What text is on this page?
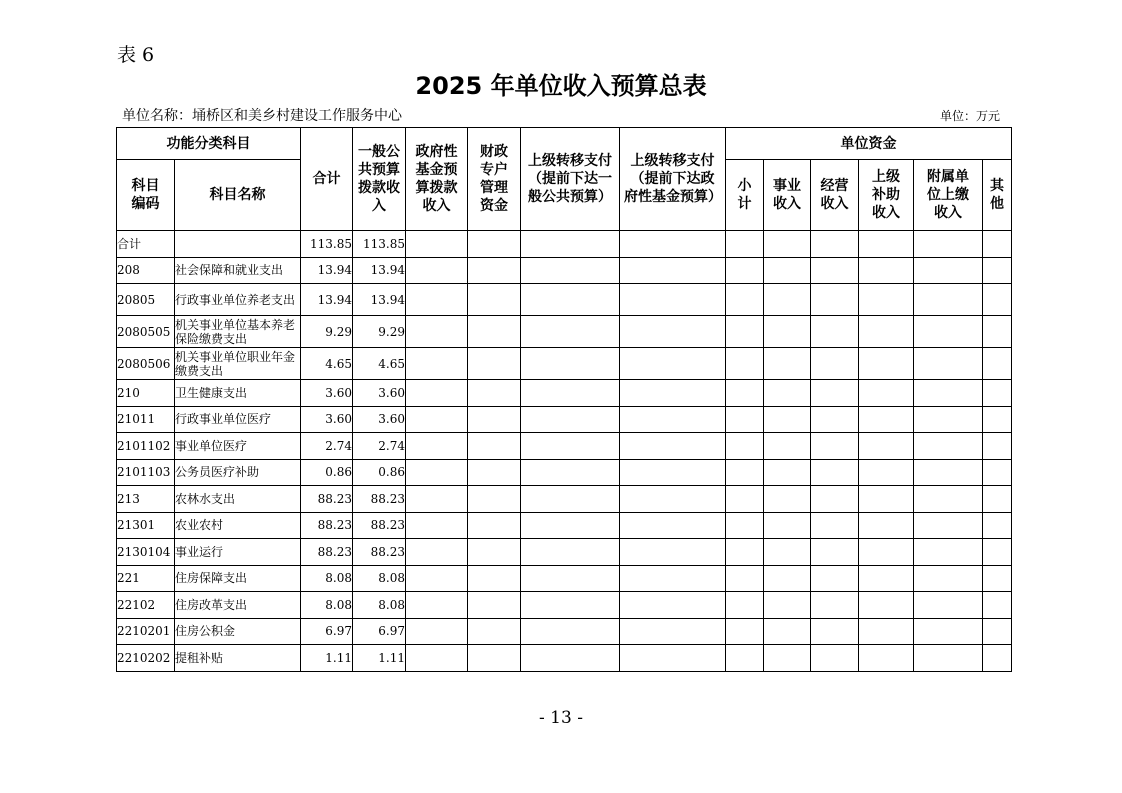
表 6
2025 年单位收入预算总表
单位名称：埇桥区和美乡村建设工作服务中心	单位：万元
功能分类科目		合计	一般公共预算拨款收入	政府性基金预算拨款收入	财政专户管理资金	上级转移支付（提前下达一般公共预算）	上级转移支付（提前下达政府性基金预算）	单位资金					
科目编码	科目名称							小计	事业收入	经营收入	上级补助收入	附属单位上缴收入	其他
合计		113.85	113.85										
208	社会保障和就业支出	13.94	13.94										
20805	行政事业单位养老支出	13.94	13.94										
2080505	机关事业单位基本养老保险缴费支出	9.29	9.29										
2080506	机关事业单位职业年金缴费支出	4.65	4.65										
210	卫生健康支出	3.60	3.60										
21011	行政事业单位医疗	3.60	3.60										
2101102	事业单位医疗	2.74	2.74										
2101103	公务员医疗补助	0.86	0.86										
213	农林水支出	88.23	88.23										
21301	农业农村	88.23	88.23										
2130104	事业运行	88.23	88.23										
221	住房保障支出	8.08	8.08										
22102	住房改革支出	8.08	8.08										
2210201	住房公积金	6.97	6.97										
2210202	提租补贴	1.11	1.11										
- 13 -
